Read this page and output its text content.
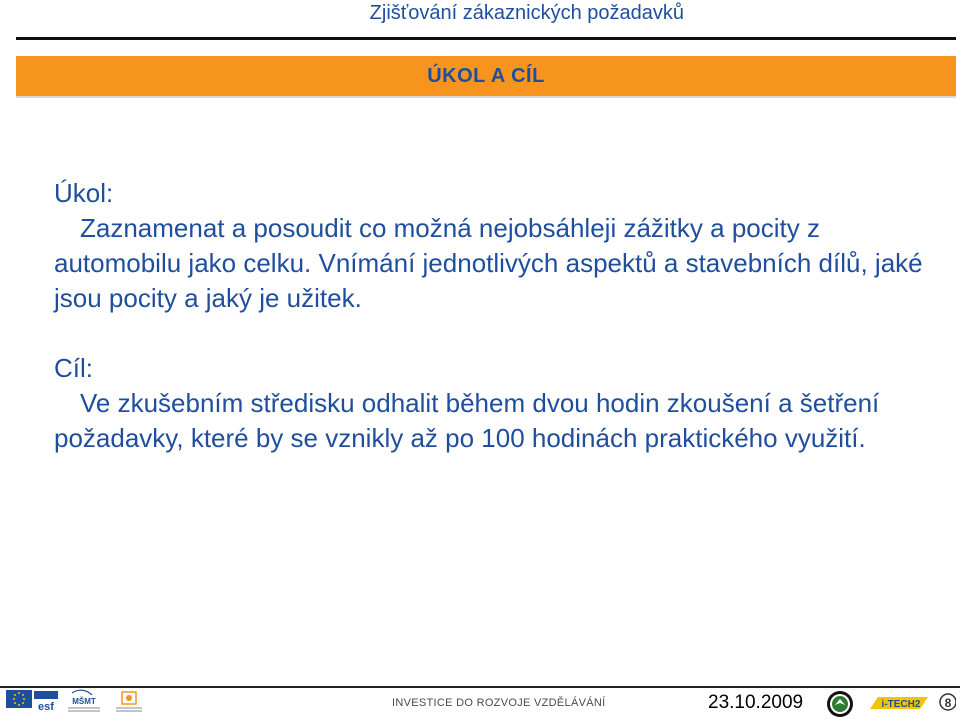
Zjišťování zákaznických požadavků
ÚKOL A CÍL
Úkol:
Zaznamenat a posoudit co možná nejobsáhleji zážitky a pocity z automobilu jako celku. Vnímání jednotlivých aspektů a stavebních dílů, jaké jsou pocity a jaký je užitek.
Cíl:
Ve zkušebním středisku odhalit během dvou hodin zkoušení a šetření požadavky, které by se vznikly až po 100 hodinách praktického využití.
esf MŠMT	INVESTICE DO ROZVOJE VZDĚLÁVÁNÍ	23.10.2009	i-TECH2 8
